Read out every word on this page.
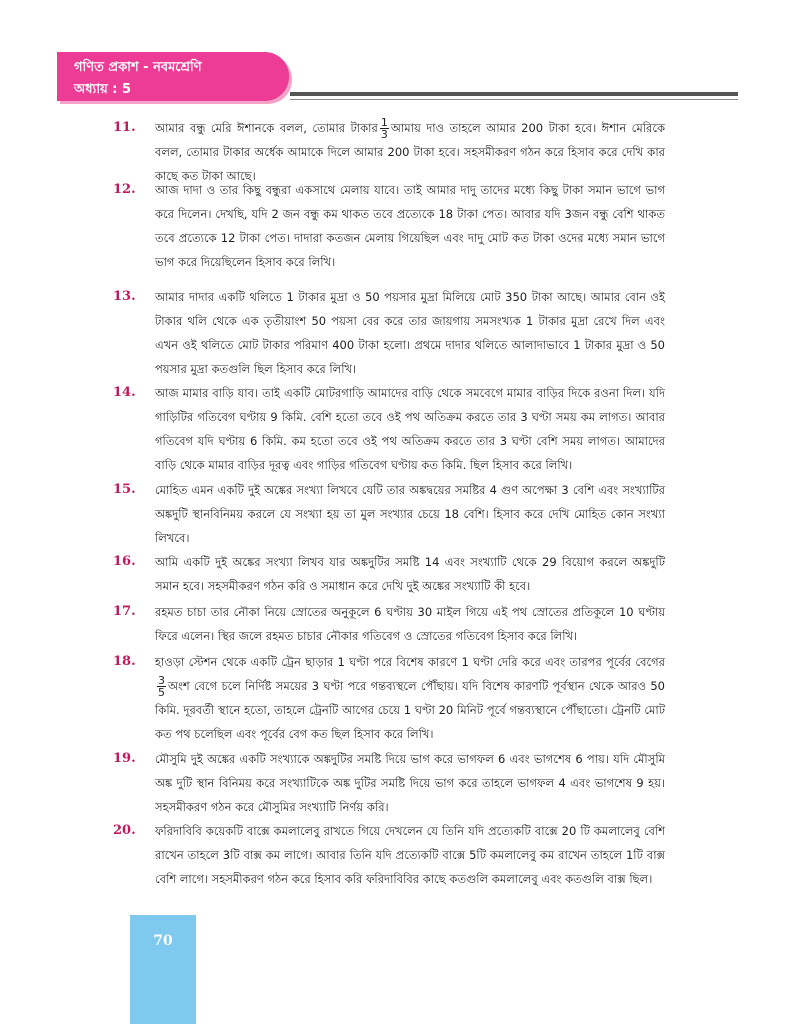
গণিত প্রকাশ - নবমশ্রেণি
অধ্যায় : 5
11.	আমার বন্ধু মেরি ঈশানকে বলল, তোমার টাকার $\frac{1}{3}$ আমায় দাও তাহলে আমার 200 টাকা হবে। ঈশান মেরিকে বলল, তোমার টাকার অর্ধেক আমাকে দিলে আমার 200 টাকা হবে। সহসমীকরণ গঠন করে হিসাব করে দেখি কার কাছে কত টাকা আছে।
12.	আজ দাদা ও তার কিছু বন্ধুরা একসাথে মেলায় যাবে। তাই আমার দাদু তাদের মধ্যে কিছু টাকা সমান ভাগে ভাগ করে দিলেন। দেখছি, যদি 2 জন বন্ধু কম থাকত তবে প্রত্যেকে 18 টাকা পেত। আবার যদি 3জন বন্ধু বেশি থাকত তবে প্রত্যেকে 12 টাকা পেত। দাদারা কতজন মেলায় গিয়েছিল এবং দাদু মোট কত টাকা ওদের মধ্যে সমান ভাগে ভাগ করে দিয়েছিলেন হিসাব করে লিখি।
13.	আমার দাদার একটি থলিতে 1 টাকার মুদ্রা ও 50 পয়সার মুদ্রা মিলিয়ে মোট 350 টাকা আছে। আমার বোন ওই টাকার থলি থেকে এক তৃতীয়াংশ 50 পয়সা বের করে তার জায়গায় সমসংখ্যক 1 টাকার মুদ্রা রেখে দিল এবং এখন ওই থলিতে মোট টাকার পরিমাণ 400 টাকা হলো। প্রথমে দাদার থলিতে আলাদাভাবে 1 টাকার মুদ্রা ও 50 পয়সার মুদ্রা কতগুলি ছিল হিসাব করে লিখি।
14.	আজ মামার বাড়ি যাব। তাই একটি মোটরগাড়ি আমাদের বাড়ি থেকে সমবেগে মামার বাড়ির দিকে রওনা দিল। যদি গাড়িটির গতিবেগ ঘণ্টায় 9 কিমি. বেশি হতো তবে ওই পথ অতিক্রম করতে তার 3 ঘণ্টা সময় কম লাগত। আবার গতিবেগ যদি ঘণ্টায় 6 কিমি. কম হতো তবে ওই পথ অতিক্রম করতে তার 3 ঘণ্টা বেশি সময় লাগত। আমাদের বাড়ি থেকে মামার বাড়ির দূরত্ব এবং গাড়ির গতিবেগ ঘণ্টায় কত কিমি. ছিল হিসাব করে লিখি।
15.	মোহিত এমন একটি দুই অঙ্কের সংখ্যা লিখবে যেটি তার অঙ্কদ্বয়ের সমষ্টির 4 গুণ অপেক্ষা 3 বেশি এবং সংখ্যাটির অঙ্কদুটি স্থানবিনিময় করলে যে সংখ্যা হয় তা মুল সংখ্যার চেয়ে 18 বেশি। হিসাব করে দেখি মোহিত কোন সংখ্যা লিখবে।
16.	আমি একটি দুই অঙ্কের সংখ্যা লিখব যার অঙ্কদুটির সমষ্টি 14 এবং সংখ্যাটি থেকে 29 বিয়োগ করলে অঙ্কদুটি সমান হবে। সহসমীকরণ গঠন করি ও সমাধান করে দেখি দুই অঙ্কের সংখ্যাটি কী হবে।
17.	রহমত চাচা তার নৌকা নিয়ে স্রোতের অনুকূলে 6 ঘণ্টায় 30 মাইল গিয়ে এই পথ স্রোতের প্রতিকূলে 10 ঘণ্টায় ফিরে এলেন। স্থির জলে রহমত চাচার নৌকার গতিবেগ ও স্রোতের গতিবেগ হিসাব করে লিখি।
18.	হাওড়া স্টেশন থেকে একটি ট্রেন ছাড়ার 1 ঘণ্টা পরে বিশেষ কারণে 1 ঘণ্টা দেরি করে এবং তারপর পূর্বের বেগের
$\frac{3}{5}$ অংশ বেগে চলে নির্দিষ্ট সময়ের 3 ঘণ্টা পরে গন্তব্যস্থলে পৌঁছায়। যদি বিশেষ কারণটি পূর্বস্থান থেকে আরও 50 কিমি. দূরবর্তী স্থানে হতো, তাহলে ট্রেনটি আগের চেয়ে 1 ঘণ্টা 20 মিনিট পূর্বে গন্তব্যস্থানে পৌঁছাতো। ট্রেনটি মোট কত পথ চলেছিল এবং পূর্বের বেগ কত ছিল হিসাব করে লিখি।
19.	মৌসুমি দুই অঙ্কের একটি সংখ্যাকে অঙ্কদুটির সমষ্টি দিয়ে ভাগ করে ভাগফল 6 এবং ভাগশেষ 6 পায়। যদি মৌসুমি অঙ্ক দুটি স্থান বিনিময় করে সংখ্যাটিকে অঙ্ক দুটির সমষ্টি দিয়ে ভাগ করে তাহলে ভাগফল 4 এবং ভাগশেষ 9 হয়। সহসমীকরণ গঠন করে মৌসুমির সংখ্যাটি নির্ণয় করি।
20.	ফরিদাবিবি কয়েকটি বাক্সে কমলালেবু রাখতে গিয়ে দেখলেন যে তিনি যদি প্রত্যেকটি বাক্সে 20 টি কমলালেবু বেশি রাখেন তাহলে 3টি বাক্স কম লাগে। আবার তিনি যদি প্রত্যেকটি বাক্সে 5টি কমলালেবু কম রাখেন তাহলে 1টি বাক্স বেশি লাগে। সহসমীকরণ গঠন করে হিসাব করি ফরিদাবিবির কাছে কতগুলি কমলালেবু এবং কতগুলি বাক্স ছিল।
70
